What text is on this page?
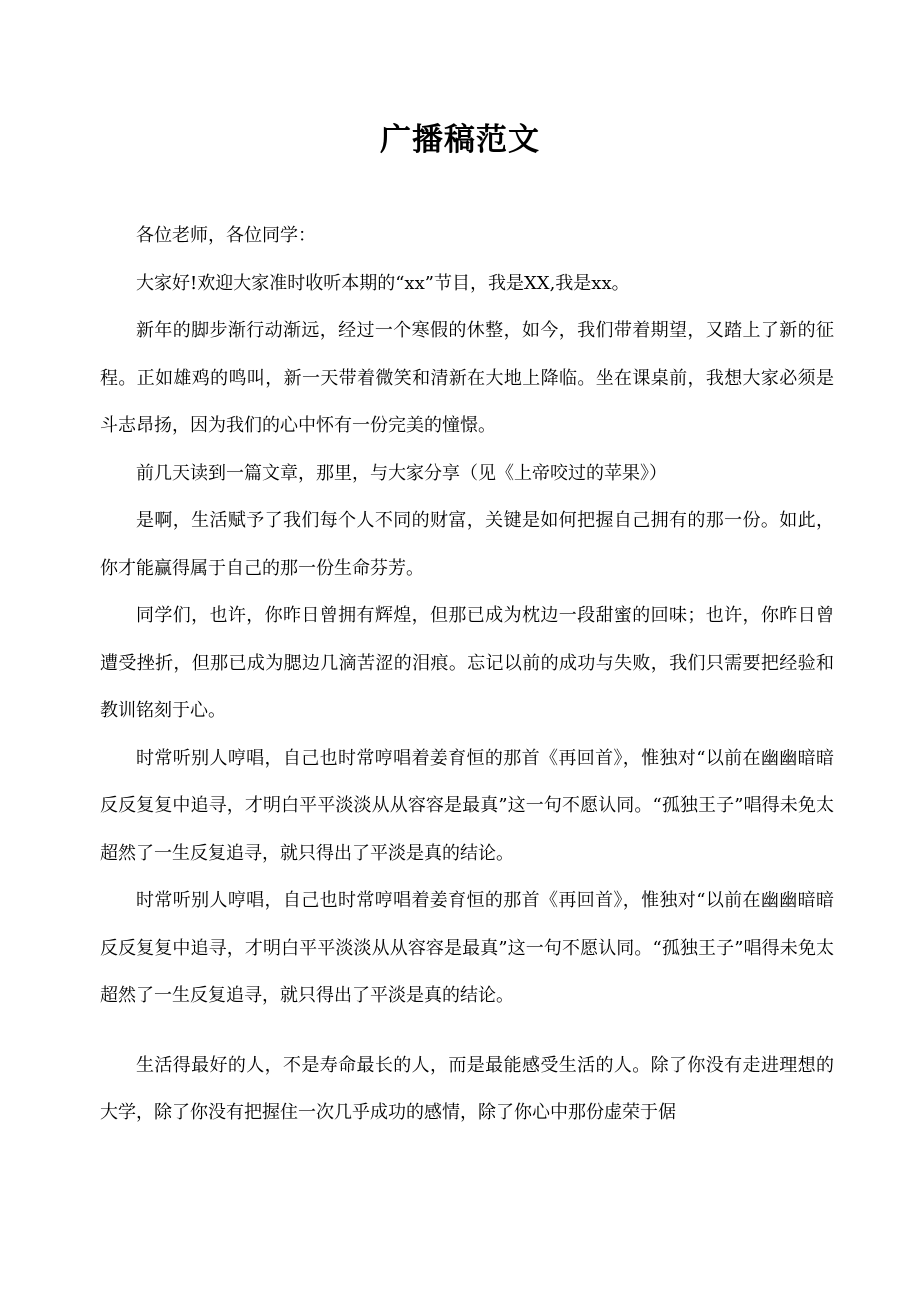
广播稿范文

各位老师，各位同学：

大家好!欢迎大家准时收听本期的“xx”节目，我是XX,我是xx。

新年的脚步渐行动渐远，经过一个寒假的休整，如今，我们带着期望，又踏上了新的征程。正如雄鸡的鸣叫，新一天带着微笑和清新在大地上降临。坐在课桌前，我想大家必须是斗志昂扬，因为我们的心中怀有一份完美的憧憬。

前几天读到一篇文章，那里，与大家分享（见《上帝咬过的苹果》）

是啊，生活赋予了我们每个人不同的财富，关键是如何把握自己拥有的那一份。如此，你才能赢得属于自己的那一份生命芬芳。

同学们，也许，你昨日曾拥有辉煌，但那已成为枕边一段甜蜜的回味；也许，你昨日曾遭受挫折，但那已成为腮边几滴苦涩的泪痕。忘记以前的成功与失败，我们只需要把经验和教训铭刻于心。

时常听别人哼唱，自己也时常哼唱着姜育恒的那首《再回首》，惟独对“以前在幽幽暗暗反反复复中追寻，才明白平平淡淡从从容容是最真”这一句不愿认同。“孤独王子”唱得未免太超然了一生反复追寻，就只得出了平淡是真的结论。

时常听别人哼唱，自己也时常哼唱着姜育恒的那首《再回首》，惟独对“以前在幽幽暗暗反反复复中追寻，才明白平平淡淡从从容容是最真”这一句不愿认同。“孤独王子”唱得未免太超然了一生反复追寻，就只得出了平淡是真的结论。

生活得最好的人，不是寿命最长的人，而是最能感受生活的人。除了你没有走进理想的大学，除了你没有把握住一次几乎成功的感情，除了你心中那份虚荣于倨
